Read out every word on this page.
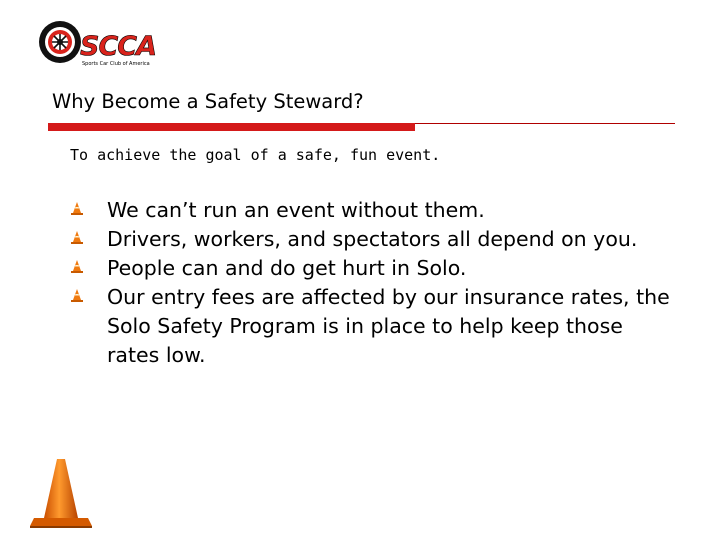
SCCA
Sports Car Club of America
Why Become a Safety Steward?
To achieve the goal of a safe, fun event.
We can’t run an event without them.
Drivers, workers, and spectators all depend on you.
People can and do get hurt in Solo.
Our entry fees are affected by our insurance rates, the Solo Safety Program is in place to help keep those rates low.
